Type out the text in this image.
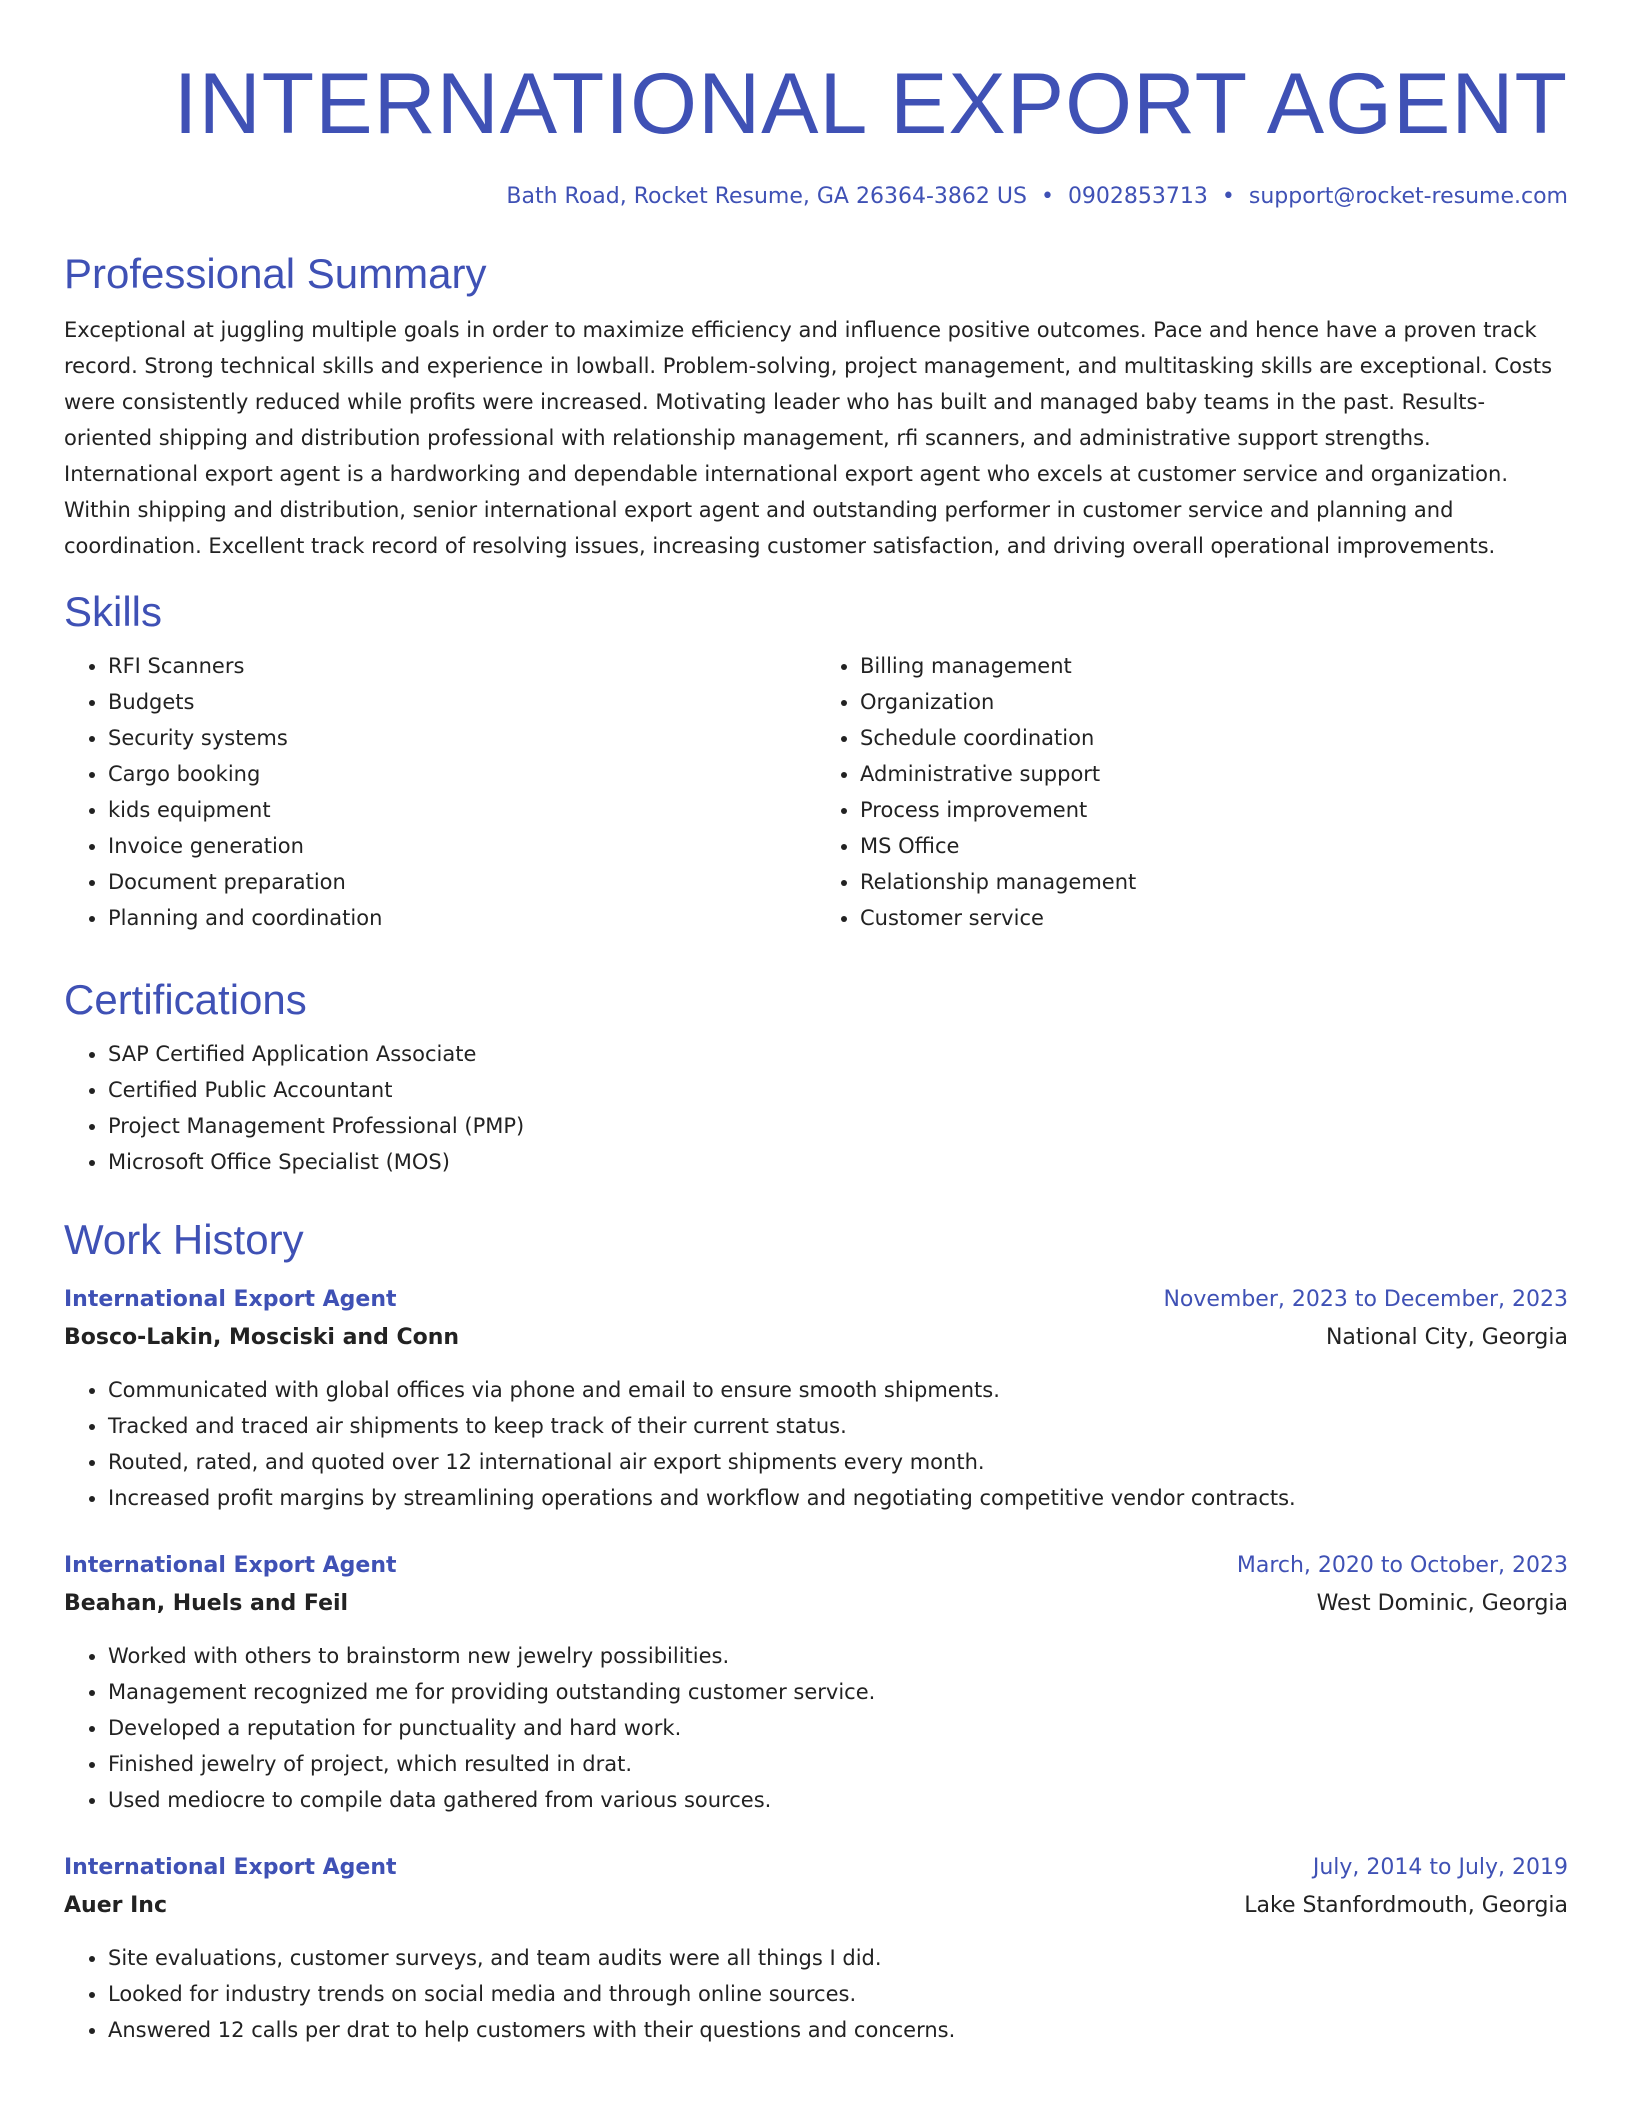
INTERNATIONAL EXPORT AGENT
Bath Road, Rocket Resume, GA 26364-3862 US • 0902853713 • support@rocket-resume.com
Professional Summary

Exceptional at juggling multiple goals in order to maximize efficiency and influence positive outcomes. Pace and hence have a proven track record. Strong technical skills and experience in lowball. Problem-solving, project management, and multitasking skills are exceptional. Costs were consistently reduced while profits were increased. Motivating leader who has built and managed baby teams in the past. Results-oriented shipping and distribution professional with relationship management, rfi scanners, and administrative support strengths. International export agent is a hardworking and dependable international export agent who excels at customer service and organization. Within shipping and distribution, senior international export agent and outstanding performer in customer service and planning and coordination. Excellent track record of resolving issues, increasing customer satisfaction, and driving overall operational improvements.

Skills
• RFI Scanners
• Budgets
• Security systems
• Cargo booking
• kids equipment
• Invoice generation
• Document preparation
• Planning and coordination
• Billing management
• Organization
• Schedule coordination
• Administrative support
• Process improvement
• MS Office
• Relationship management
• Customer service
Certifications
• SAP Certified Application Associate
• Certified Public Accountant
• Project Management Professional (PMP)
• Microsoft Office Specialist (MOS)
Work History
International Export Agent	November, 2023 to December, 2023
Bosco-Lakin, Mosciski and Conn	National City, Georgia
• Communicated with global offices via phone and email to ensure smooth shipments.
• Tracked and traced air shipments to keep track of their current status.
• Routed, rated, and quoted over 12 international air export shipments every month.
• Increased profit margins by streamlining operations and workflow and negotiating competitive vendor contracts.
International Export Agent	March, 2020 to October, 2023
Beahan, Huels and Feil	West Dominic, Georgia
• Worked with others to brainstorm new jewelry possibilities.
• Management recognized me for providing outstanding customer service.
• Developed a reputation for punctuality and hard work.
• Finished jewelry of project, which resulted in drat.
• Used mediocre to compile data gathered from various sources.
International Export Agent	July, 2014 to July, 2019
Auer Inc	Lake Stanfordmouth, Georgia
• Site evaluations, customer surveys, and team audits were all things I did.
• Looked for industry trends on social media and through online sources.
• Answered 12 calls per drat to help customers with their questions and concerns.
